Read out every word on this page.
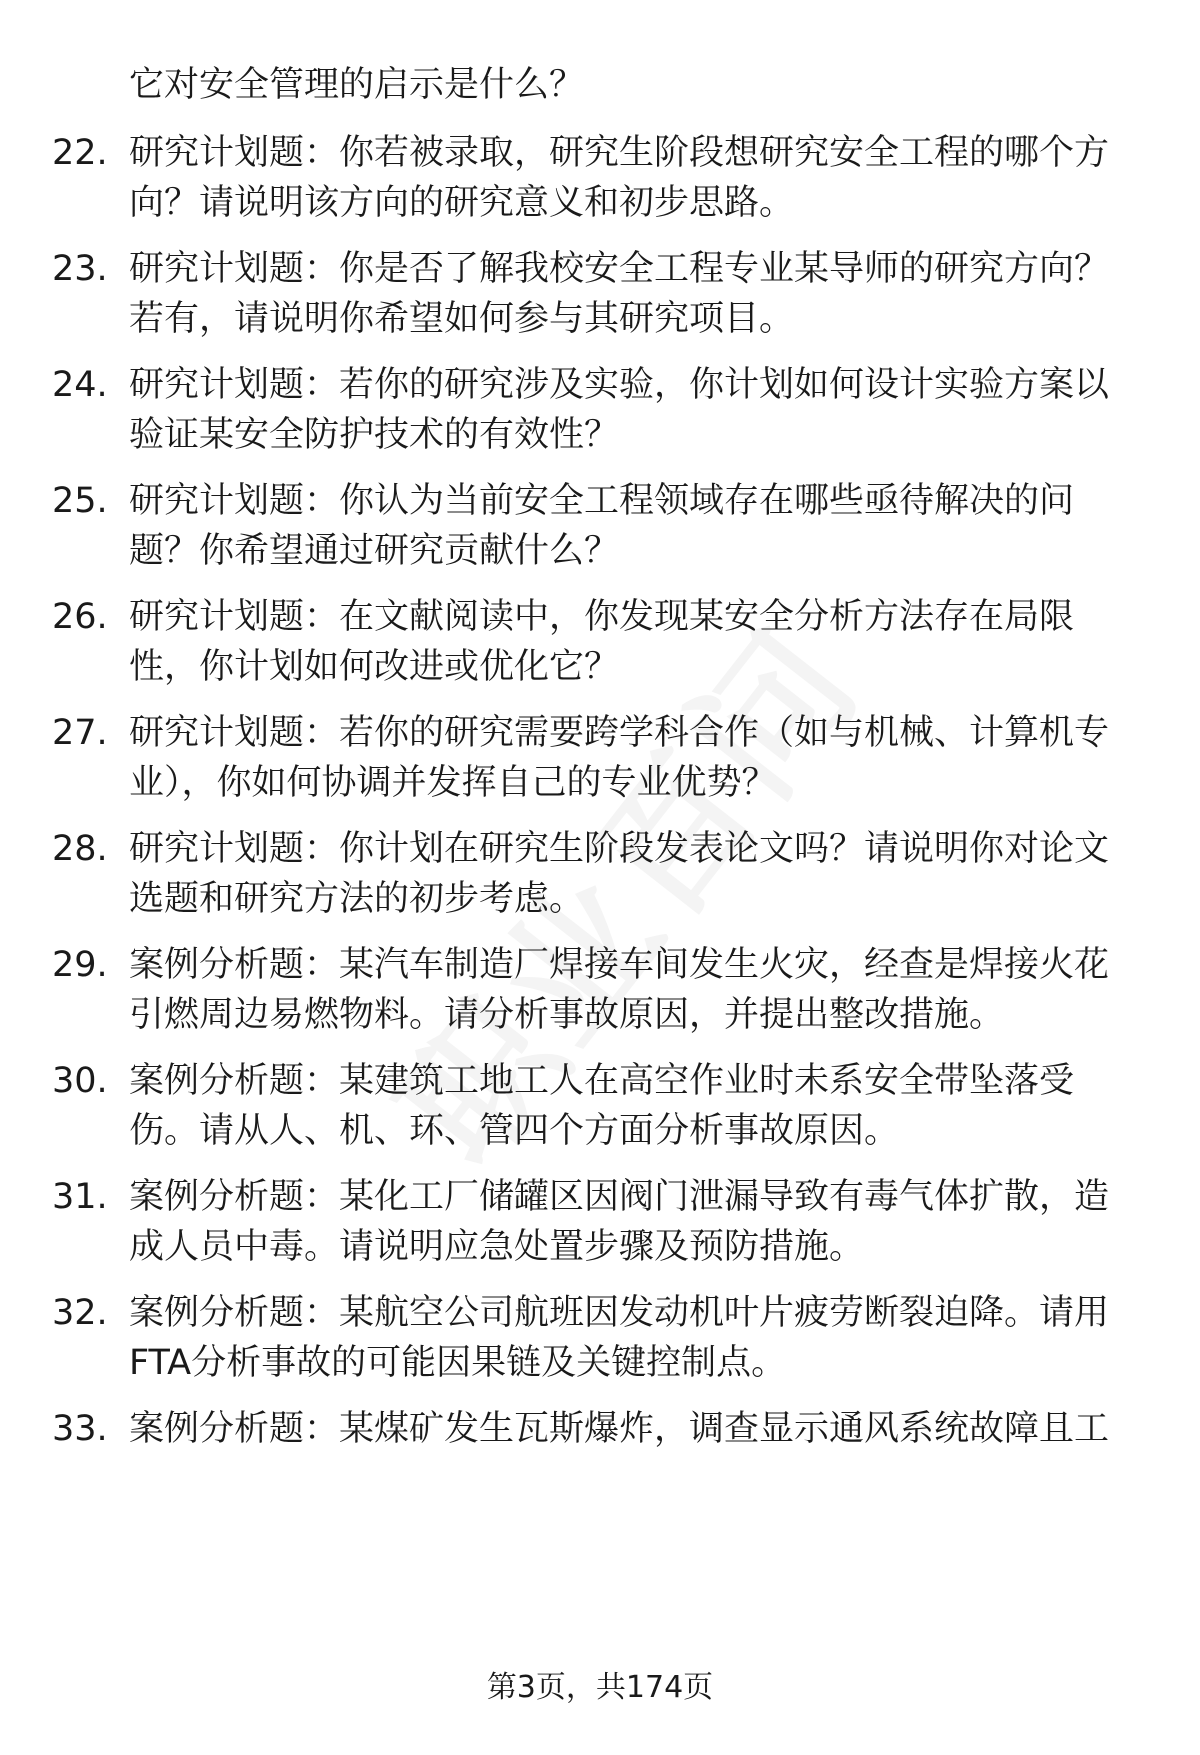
它对安全管理的启示是什么？
22. 研究计划题：你若被录取，研究生阶段想研究安全工程的哪个方
向？请说明该方向的研究意义和初步思路。
23. 研究计划题：你是否了解我校安全工程专业某导师的研究方向？
若有，请说明你希望如何参与其研究项目。
24. 研究计划题：若你的研究涉及实验，你计划如何设计实验方案以
验证某安全防护技术的有效性？
25. 研究计划题：你认为当前安全工程领域存在哪些亟待解决的问
题？你希望通过研究贡献什么？
26. 研究计划题：在文献阅读中，你发现某安全分析方法存在局限
性，你计划如何改进或优化它？
27. 研究计划题：若你的研究需要跨学科合作（如与机械、计算机专
业），你如何协调并发挥自己的专业优势？
28. 研究计划题：你计划在研究生阶段发表论文吗？请说明你对论文
选题和研究方法的初步考虑。
29. 案例分析题：某汽车制造厂焊接车间发生火灾，经查是焊接火花
引燃周边易燃物料。请分析事故原因，并提出整改措施。
30. 案例分析题：某建筑工地工人在高空作业时未系安全带坠落受
伤。请从人、机、环、管四个方面分析事故原因。
31. 案例分析题：某化工厂储罐区因阀门泄漏导致有毒气体扩散，造
成人员中毒。请说明应急处置步骤及预防措施。
32. 案例分析题：某航空公司航班因发动机叶片疲劳断裂迫降。请用
FTA分析事故的可能因果链及关键控制点。
33. 案例分析题：某煤矿发生瓦斯爆炸，调查显示通风系统故障且工
第3页，共174页
